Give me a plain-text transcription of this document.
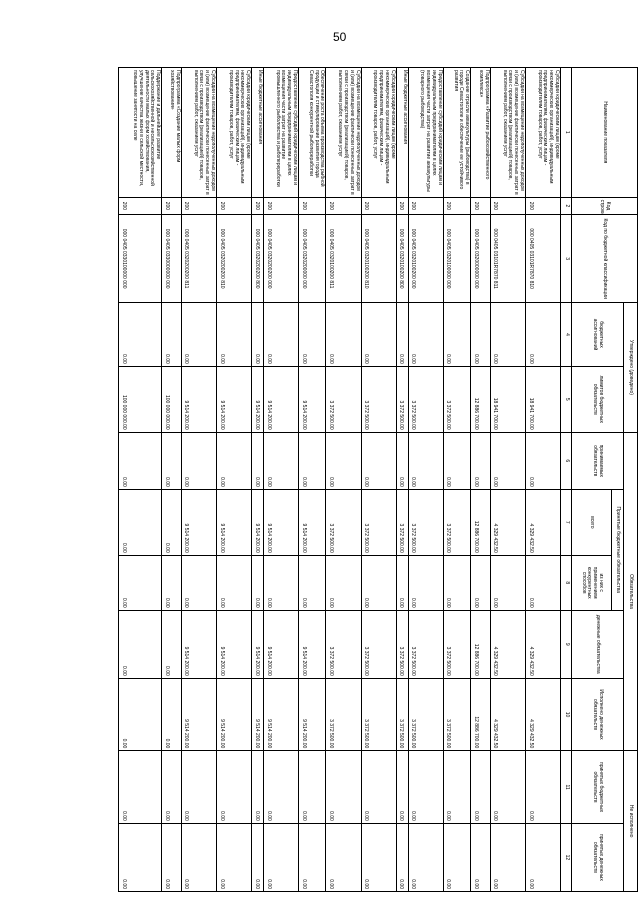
50
Наименование показателя	Код строки	Код по бюджетной классификации	Утверждено (доведено)		Обязательства					Не исполнено	
			бюджетных ассигнований	лимитов бюджетных обязательств	принимаемых обязательств	Принятые бюджетные обязательства		денежные обязательства	Исполнено денежных обязательств	принятых бюджетных обязательств	принятых денежных обязательств
						всего	из них с применением конкурентных способов				
1	2	3	4	5	6	7	8	9	10	11	12
Субсидии юридическим лицам (кроме некоммерческих организаций), индивидуальным предпринимателям, физическим лицам - производителям товаров, работ, услуг	200	000 0405 03101R7870 810	0.00	18 941 700.00	0.00	4 329 432.50	0.00	4 329 432.50	4 329 432.50	0.00	0.00
Субсидии на возмещение недополученных доходов и (или) возмещение фактически понесенных затрат в связи с производством (реализацией) товаров, выполнением работ, оказанием услуг	200	000 0405 03101R7870 811	0.00	18 941 700.00	0.00	4 329 432.50	0.00	4 329 432.50	4 329 432.50	0.00	0.00
Подпрограмма «Развитие рыбохозяйственного комплекса»	200	000 0405 0320000000 000	0.00	12 886 700.00	0.00	12 886 700.00	0.00	12 886 700.00	12 886 700.00	0.00	0.00
Создание отрасли аквакультуры (рыбоводства) в городе Севастополе и обеспечение ее устойчивого развития	200	000 0405 0320100000 000	0.00	3 372 500.00	0.00	3 372 500.00	0.00	3 372 500.00	3 372 500.00	0.00	0.00
Предоставление субсидий юридическим лицам и индивидуальным предпринимателям в целях возмещения части затрат на развитие аквакультуры (товарного рыбоводства)	200	000 0405 0320100200 000	0.00	3 372 500.00	0.00	3 372 500.00	0.00	3 372 500.00	3 372 500.00	0.00	0.00
Иные бюджетные ассигнования	200	000 0405 0320100200 800	0.00	3 372 500.00	0.00	3 372 500.00	0.00	3 372 500.00	3 372 500.00	0.00	0.00
Субсидии юридическим лицам (кроме некоммерческих организаций), индивидуальным предпринимателям, физическим лицам - производителям товаров, работ, услуг	200	000 0405 0320100200 810	0.00	3 372 500.00	0.00	3 372 500.00	0.00	3 372 500.00	3 372 500.00	0.00	0.00
Субсидии на возмещение недополученных доходов и (или) возмещение фактически понесенных затрат в связи с производством (реализацией) товаров, выполнением работ, оказанием услуг	200	000 0405 0320100200 811	0.00	3 372 500.00	0.00	3 372 500.00	0.00	3 372 500.00	3 372 500.00	0.00	0.00
Обеспечение роста объема производства рыбной продукции и стимулирование развития города Севастополя конкурентной рыбопереработки	200	000 0405 0320200000 000	0.00	9 514 200.00	0.00	9 514 200.00	0.00	9 514 200.00	9 514 200.00	0.00	0.00
Предоставление субсидий юридическим лицам и индивидуальным предпринимателям в целях возмещения части затрат на развитие промышленного рыболовства и рыбопереработки	200	000 0405 0320200200 000	0.00	9 514 200.00	0.00	9 514 200.00	0.00	9 514 200.00	9 514 200.00	0.00	0.00
Иные бюджетные ассигнования	200	000 0405 0320200200 800	0.00	9 514 200.00	0.00	9 514 200.00	0.00	9 514 200.00	9 514 200.00	0.00	0.00
Субсидии юридическим лицам (кроме некоммерческих организаций), индивидуальным предпринимателям, физическим лицам - производителям товаров, работ, услуг	200	000 0405 0320200200 810	0.00	9 514 200.00	0.00	9 514 200.00	0.00	9 514 200.00	9 514 200.00	0.00	0.00
Субсидии на возмещение недополученных доходов и (или) возмещение фактически понесенных затрат в связи с производством (реализацией) товаров, выполнением работ, оказанием услуг	200	000 0405 0320200200 811	0.00	9 514 200.00	0.00	9 514 200.00	0.00	9 514 200.00	9 514 200.00	0.00	0.00
Подпрограмма «Создание малых форм хозяйствования»	200	000 0405 0330000000 000	0.00	100 000 000.00	0.00	0.00	0.00	0.00	0.00	0.00	0.00
Поддержание и дальнейшее развитие сельскохозяйственной и несельскохозяйственной деятельности малых форм хозяйствования, улучшение качества жизни в сельской местности, повышение занятости на селе	200	000 0405 0330100000 000	0.00	100 000 000.00	0.00	0.00	0.00	0.00	0.00	0.00	0.00
